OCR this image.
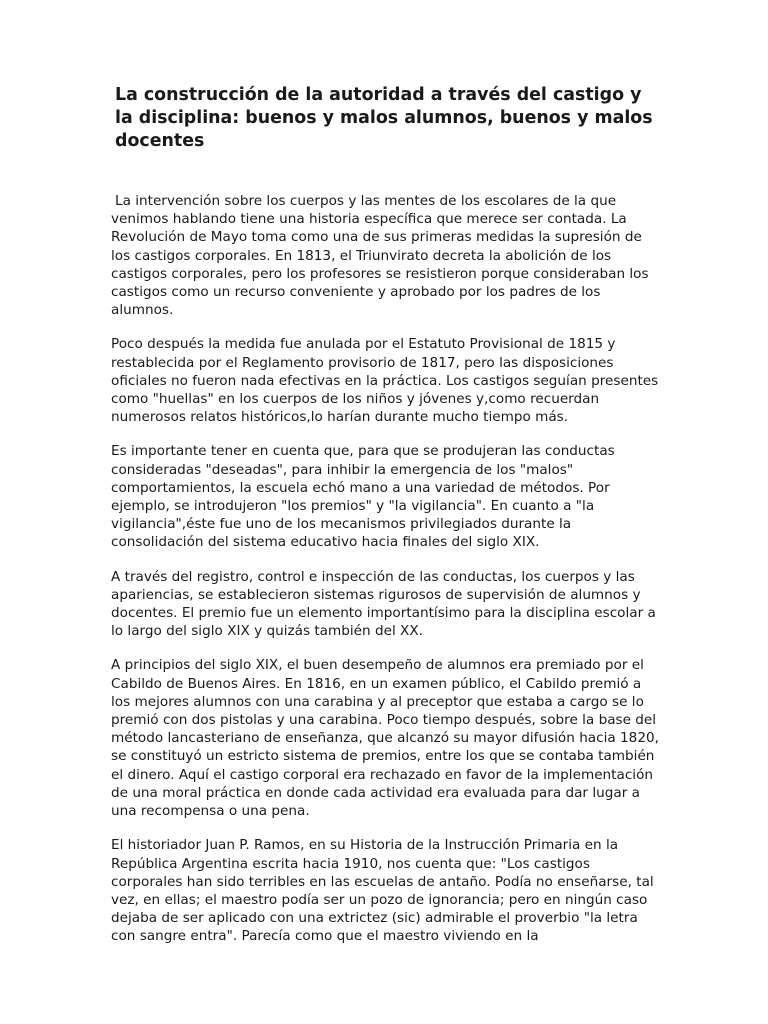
La construcción de la autoridad a través del castigo y la disciplina: buenos y malos alumnos, buenos y malos docentes

La intervención sobre los cuerpos y las mentes de los escolares de la que venimos hablando tiene una historia específica que merece ser contada. La Revolución de Mayo toma como una de sus primeras medidas la supresión de los castigos corporales. En 1813, el Triunvirato decreta la abolición de los castigos corporales, pero los profesores se resistieron porque consideraban los castigos como un recurso conveniente y aprobado por los padres de los alumnos.

Poco después la medida fue anulada por el Estatuto Provisional de 1815 y restablecida por el Reglamento provisorio de 1817, pero las disposiciones oficiales no fueron nada efectivas en la práctica. Los castigos seguían presentes como "huellas" en los cuerpos de los niños y jóvenes y,como recuerdan numerosos relatos históricos,lo harían durante mucho tiempo más.

Es importante tener en cuenta que, para que se produjeran las conductas consideradas "deseadas", para inhibir la emergencia de los "malos" comportamientos, la escuela echó mano a una variedad de métodos. Por ejemplo, se introdujeron "los premios" y "la vigilancia". En cuanto a "la vigilancia",éste fue uno de los mecanismos privilegiados durante la consolidación del sistema educativo hacia finales del siglo XIX.

A través del registro, control e inspección de las conductas, los cuerpos y las apariencias, se establecieron sistemas rigurosos de supervisión de alumnos y docentes. El premio fue un elemento importantísimo para la disciplina escolar a lo largo del siglo XIX y quizás también del XX.

A principios del siglo XIX, el buen desempeño de alumnos era premiado por el Cabildo de Buenos Aires. En 1816, en un examen público, el Cabildo premió a los mejores alumnos con una carabina y al preceptor que estaba a cargo se lo premió con dos pistolas y una carabina. Poco tiempo después, sobre la base del método lancasteriano de enseñanza, que alcanzó su mayor difusión hacia 1820, se constituyó un estricto sistema de premios, entre los que se contaba también el dinero. Aquí el castigo corporal era rechazado en favor de la implementación de una moral práctica en donde cada actividad era evaluada para dar lugar a una recompensa o una pena.

El historiador Juan P. Ramos, en su Historia de la Instrucción Primaria en la República Argentina escrita hacia 1910, nos cuenta que: "Los castigos corporales han sido terribles en las escuelas de antaño. Podía no enseñarse, tal vez, en ellas; el maestro podía ser un pozo de ignorancia; pero en ningún caso dejaba de ser aplicado con una extrictez (sic) admirable el proverbio "la letra con sangre entra". Parecía como que el maestro viviendo en la
